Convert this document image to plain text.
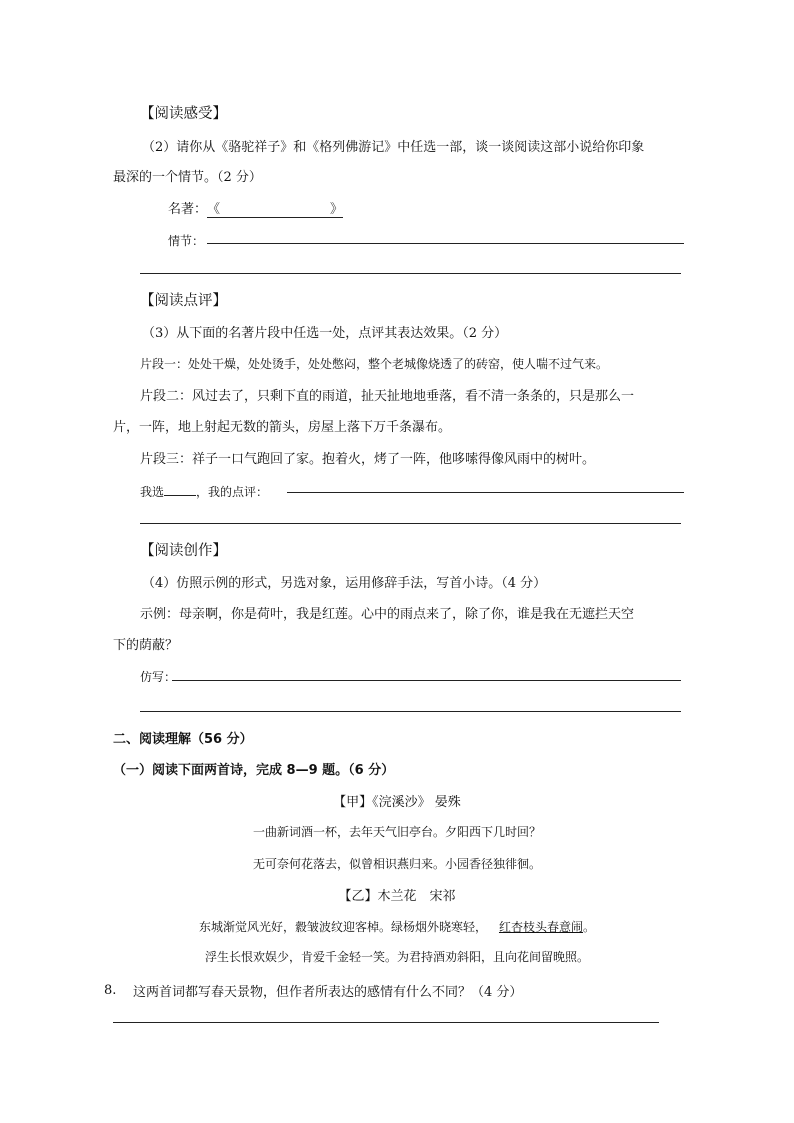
【阅读感受】
（2）请你从《骆驼祥子》和《格列佛游记》中任选一部，谈一谈阅读这部小说给你印象
最深的一个情节。（2 分）
名著：《	》
情节：
【阅读点评】
（3）从下面的名著片段中任选一处，点评其表达效果。（2 分）
片段一：处处干燥，处处烫手，处处憋闷，整个老城像烧透了的砖窑，使人喘不过气来。
片段二：风过去了，只剩下直的雨道，扯天扯地地垂落，看不清一条条的，只是那么一
片，一阵，地上射起无数的箭头，房屋上落下万千条瀑布。
片段三：祥子一口气跑回了家。抱着火，烤了一阵，他哆嗦得像风雨中的树叶。
我选	，我的点评：
【阅读创作】
（4）仿照示例的形式，另选对象，运用修辞手法，写首小诗。（4 分）
示例：母亲啊，你是荷叶，我是红莲。心中的雨点来了，除了你，谁是我在无遮拦天空
下的荫蔽？
仿写：
二、阅读理解（56 分）
（一）阅读下面两首诗，完成 8—9 题。（6 分）
【甲】《浣溪沙》 晏殊
一曲新词酒一杯，去年天气旧亭台。夕阳西下几时回？
无可奈何花落去，似曾相识燕归来。小园香径独徘徊。
【乙】木兰花　宋祁
东城渐觉风光好，縠皱波纹迎客棹。绿杨烟外晓寒轻， 红杏枝头春意闹。
浮生长恨欢娱少，肯爱千金轻一笑。为君持酒劝斜阳，且向花间留晚照。
8. 这两首词都写春天景物，但作者所表达的感情有什么不同？（4 分）
